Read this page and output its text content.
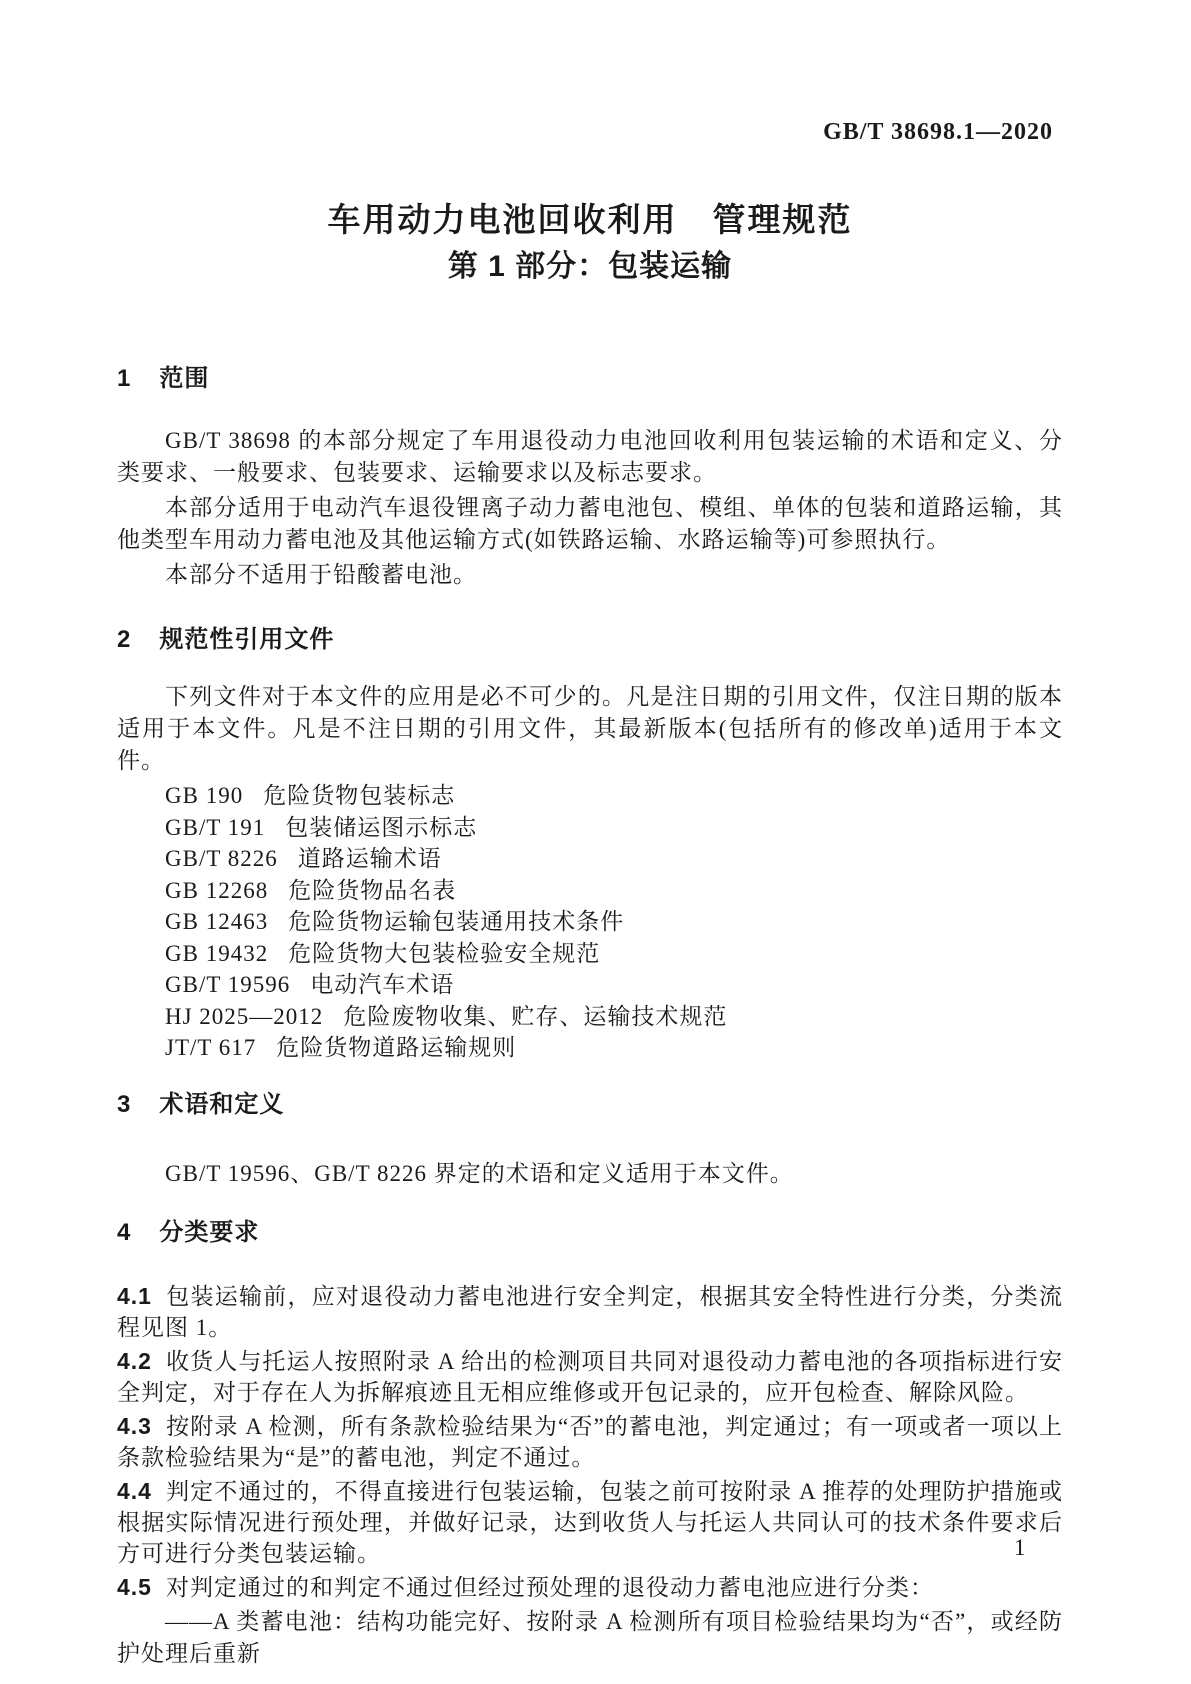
GB/T 38698.1—2020
车用动力电池回收利用　管理规范
第 1 部分：包装运输
1 范围

GB/T 38698 的本部分规定了车用退役动力电池回收利用包装运输的术语和定义、分类要求、一般要求、包装要求、运输要求以及标志要求。

本部分适用于电动汽车退役锂离子动力蓄电池包、模组、单体的包装和道路运输，其他类型车用动力蓄电池及其他运输方式(如铁路运输、水路运输等)可参照执行。

本部分不适用于铅酸蓄电池。

2 规范性引用文件

下列文件对于本文件的应用是必不可少的。凡是注日期的引用文件，仅注日期的版本适用于本文件。凡是不注日期的引用文件，其最新版本(包括所有的修改单)适用于本文件。

GB 190 危险货物包装标志
GB/T 191 包装储运图示标志
GB/T 8226 道路运输术语
GB 12268 危险货物品名表
GB 12463 危险货物运输包装通用技术条件
GB 19432 危险货物大包装检验安全规范
GB/T 19596 电动汽车术语
HJ 2025—2012 危险废物收集、贮存、运输技术规范
JT/T 617 危险货物道路运输规则
3 术语和定义

GB/T 19596、GB/T 8226 界定的术语和定义适用于本文件。

4 分类要求

4.1 包装运输前，应对退役动力蓄电池进行安全判定，根据其安全特性进行分类，分类流程见图 1。

4.2 收货人与托运人按照附录 A 给出的检测项目共同对退役动力蓄电池的各项指标进行安全判定，对于存在人为拆解痕迹且无相应维修或开包记录的，应开包检查、解除风险。

4.3 按附录 A 检测，所有条款检验结果为“否”的蓄电池，判定通过；有一项或者一项以上条款检验结果为“是”的蓄电池，判定不通过。

4.4 判定不通过的，不得直接进行包装运输，包装之前可按附录 A 推荐的处理防护措施或根据实际情况进行预处理，并做好记录，达到收货人与托运人共同认可的技术条件要求后方可进行分类包装运输。

4.5 对判定通过的和判定不通过但经过预处理的退役动力蓄电池应进行分类：

——A 类蓄电池：结构功能完好、按附录 A 检测所有项目检验结果均为“否”，或经防护处理后重新

1
